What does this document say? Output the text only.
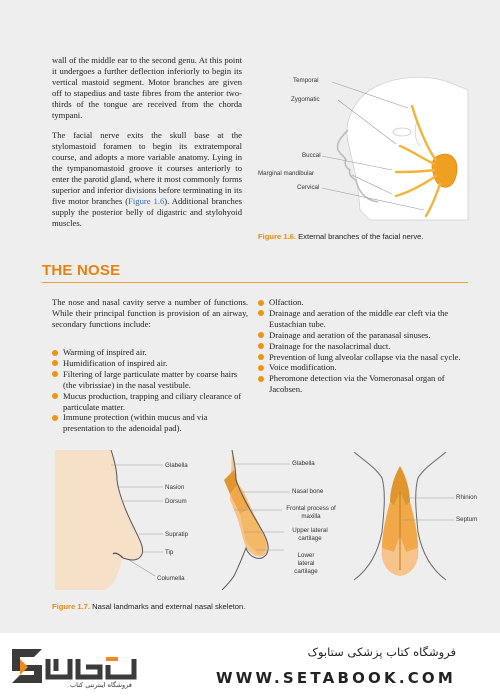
wall of the middle ear to the second genu. At this point it undergoes a further deflection inferiorly to begin its vertical mastoid segment. Motor branches are given off to stapedius and taste fibres from the anterior two-thirds of the tongue are received from the chorda tympani.

The facial nerve exits the skull base at the stylomastoid foramen to begin its extratemporal course, and adopts a more variable anatomy. Lying in the tympanomastoid groove it courses anteriorly to enter the parotid gland, where it most commonly forms superior and inferior divisions before terminating in its five motor branches (Figure 1.6). Additional branches supply the posterior belly of digastric and stylohyoid muscles.

Temporal
Zygomatic
Buccal
Marginal mandibular
Cervical
Figure 1.6. External branches of the facial nerve.
THE NOSE
The nose and nasal cavity serve a number of functions. While their principal function is provision of an airway, secondary functions include:
Warming of inspired air.
Humidification of inspired air.
Filtering of large particulate matter by coarse hairs (the vibrissiae) in the nasal vestibule.
Mucus production, trapping and ciliary clearance of particulate matter.
Immune protection (within mucus and via presentation to the adenoidal pad).
Olfaction.
Drainage and aeration of the middle ear cleft via the Eustachian tube.
Drainage and aeration of the paranasal sinuses.
Drainage for the nasolacrimal duct.
Prevention of lung alveolar collapse via the nasal cycle.
Voice modification.
Pheromone detection via the Vomeronasal organ of Jacobsen.
Glabella
Nasion
Dorsum
Supratip
Tip
Columella
Glabella
Nasal bone
Frontal process of maxilla
Upper lateral cartilage
Lower lateral cartilage
Rhinion
Septum
Figure 1.7. Nasal landmarks and external nasal skeleton.
فروشگاه اینترنتی کتاب
فروشگاه کتاب پزشکی ستابوک
WWW.SETABOOK.COM
